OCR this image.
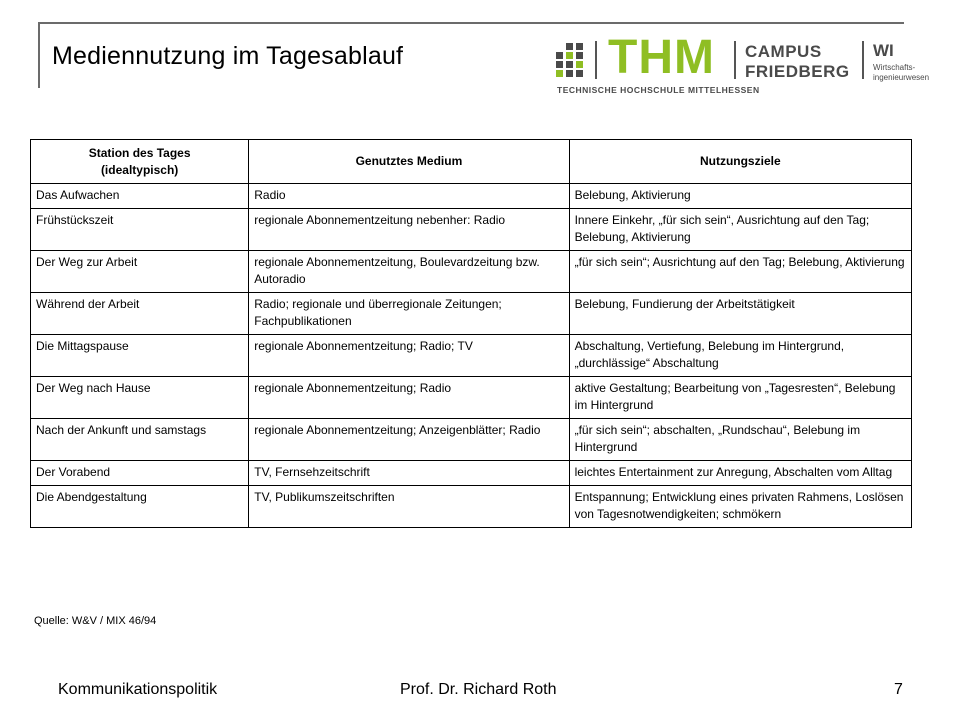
Mediennutzung im Tagesablauf	THM
TECHNISCHE HOCHSCHULE MITTELHESSEN
CAMPUS
FRIEDBERG
WI
Wirtschafts-
ingenieurwesen
Station des Tages
(idealtypisch)	Genutztes Medium	Nutzungsziele
Das Aufwachen	Radio	Belebung, Aktivierung
Frühstückszeit	regionale Abonnementzeitung nebenher: Radio	Innere Einkehr, „für sich sein“, Ausrichtung auf den Tag; Belebung, Aktivierung
Der Weg zur Arbeit	regionale Abonnementzeitung, Boulevardzeitung bzw. Autoradio	„für sich sein“; Ausrichtung auf den Tag; Belebung, Aktivierung
Während der Arbeit	Radio; regionale und überregionale Zeitungen; Fachpublikationen	Belebung, Fundierung der Arbeitstätigkeit
Die Mittagspause	regionale Abonnementzeitung; Radio; TV	Abschaltung, Vertiefung, Belebung im Hintergrund, „durchlässige“ Abschaltung
Der Weg nach Hause	regionale Abonnementzeitung; Radio	aktive Gestaltung; Bearbeitung von „Tagesresten“, Belebung im Hintergrund
Nach der Ankunft und samstags	regionale Abonnementzeitung; Anzeigenblätter; Radio	„für sich sein“; abschalten, „Rundschau“, Belebung im Hintergrund
Der Vorabend	TV, Fernsehzeitschrift	leichtes Entertainment zur Anregung, Abschalten vom Alltag
Die Abendgestaltung	TV, Publikumszeitschriften	Entspannung; Entwicklung eines privaten Rahmens, Loslösen von Tagesnotwendigkeiten; schmökern
Quelle: W&V / MIX 46/94
Kommunikationspolitik	Prof. Dr. Richard Roth	7
